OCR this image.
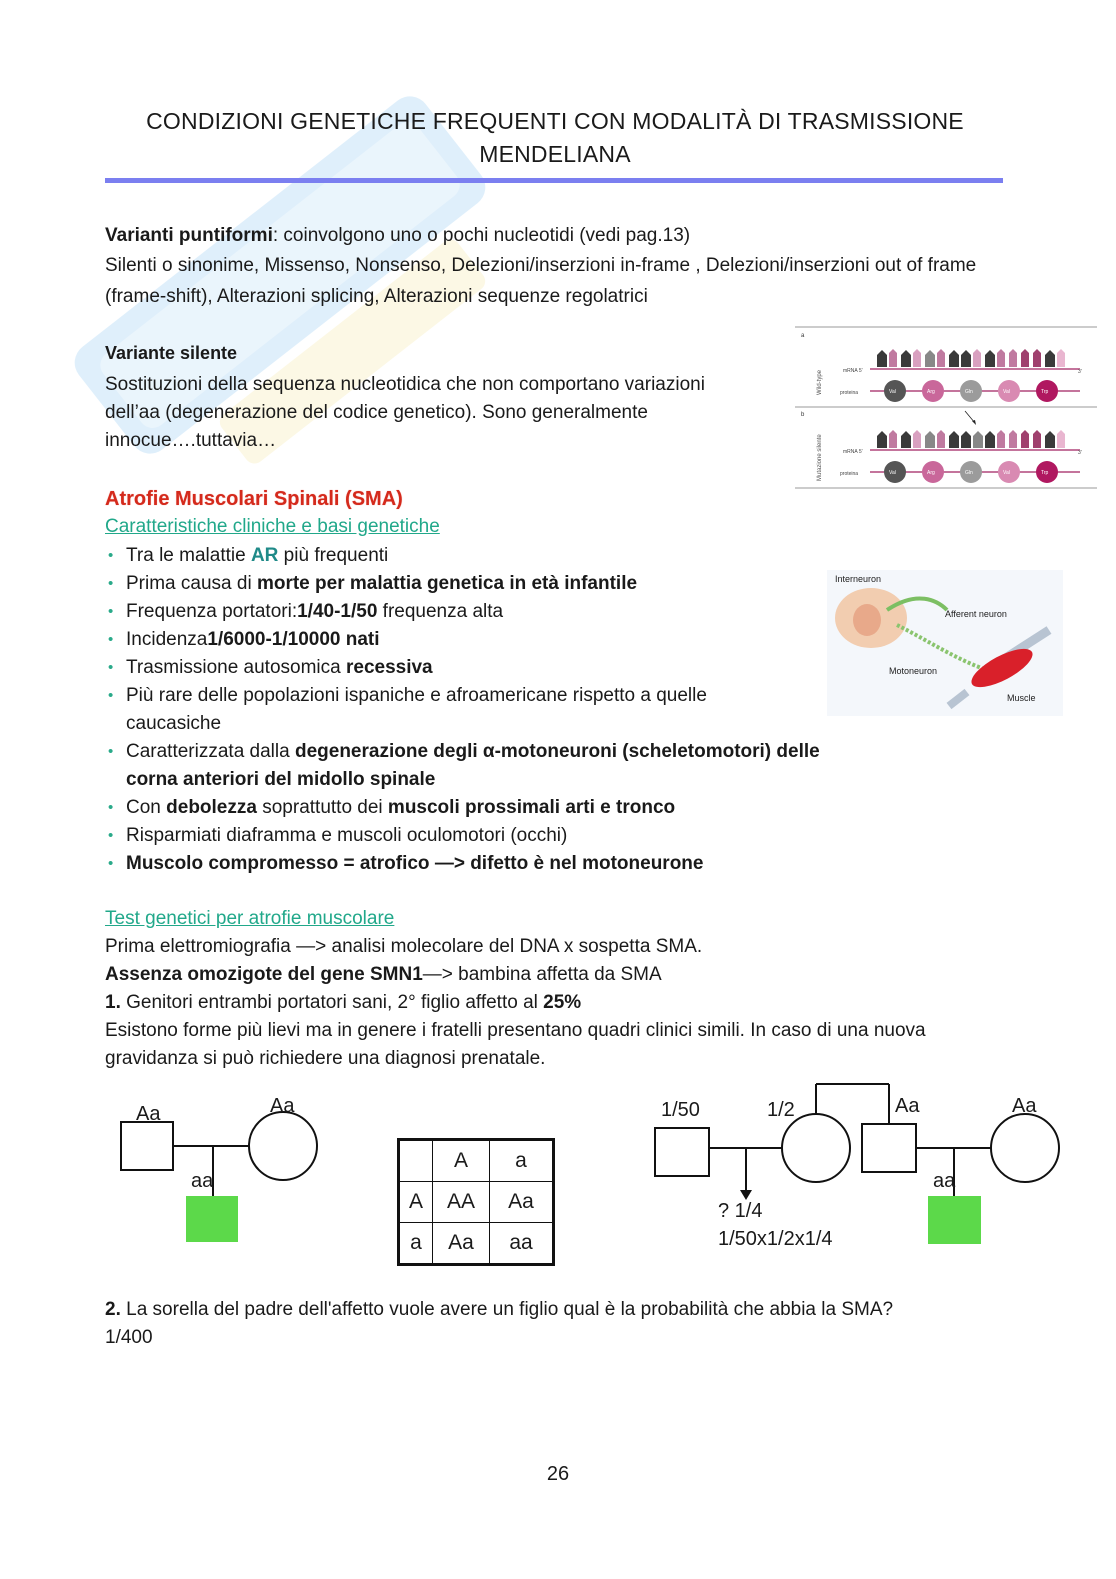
CONDIZIONI GENETICHE FREQUENTI CON MODALITÀ DI TRASMISSIONE MENDELIANA
Varianti puntiformi: coinvolgono uno o pochi nucleotidi (vedi pag.13)
Silenti o sinonime, Missenso, Nonsenso, Delezioni/inserzioni in-frame , Delezioni/inserzioni out of frame (frame-shift), Alterazioni splicing, Alterazioni sequenze regolatrici
Variante silente
Sostituzioni della sequenza nucleotidica che non comportano variazioni dell’aa (degenerazione del codice genetico). Sono generalmente innocue….tuttavia…
a
b
Wild-type
Mutazione silente
mRNA 5'	3'
proteina	Val	Arg	Gln	Val	Trp
mRNA 5'	3'
proteina	Val	Arg	Gln	Val	Trp
Atrofie Muscolari Spinali (SMA)
Caratteristiche cliniche e basi genetiche
• Tra le malattie AR più frequenti
• Prima causa di morte per malattia genetica in età infantile
• Frequenza portatori:1/40-1/50 frequenza alta
• Incidenza1/6000-1/10000 nati
• Trasmissione autosomica recessiva
• Più rare delle popolazioni ispaniche e afroamericane rispetto a quelle caucasiche
• Caratterizzata dalla degenerazione degli α-motoneuroni (scheletomotori) delle corna anteriori del midollo spinale
• Con debolezza soprattutto dei muscoli prossimali arti e tronco
• Risparmiati diaframma e muscoli oculomotori (occhi)
• Muscolo compromesso = atrofico —> difetto è nel motoneurone
Interneuron
Afferent neuron
Motoneuron
Muscle
Test genetici per atrofie muscolare
Prima elettromiografia —> analisi molecolare del DNA x sospetta SMA.
Assenza omozigote del gene SMN1—> bambina affetta da SMA
1. Genitori entrambi portatori sani, 2° figlio affetto al 25%
Esistono forme più lievi ma in genere i fratelli presentano quadri clinici simili. In caso di una nuova gravidanza si può richiedere una diagnosi prenatale.
Aa	Aa
aa
	A	a
A	AA	Aa
a	Aa	aa
1/50	1/2	Aa	Aa
aa
? 1/4
1/50x1/2x1/4
2. La sorella del padre dell'affetto vuole avere un figlio qual è la probabilità che abbia la SMA?
1/400
26
